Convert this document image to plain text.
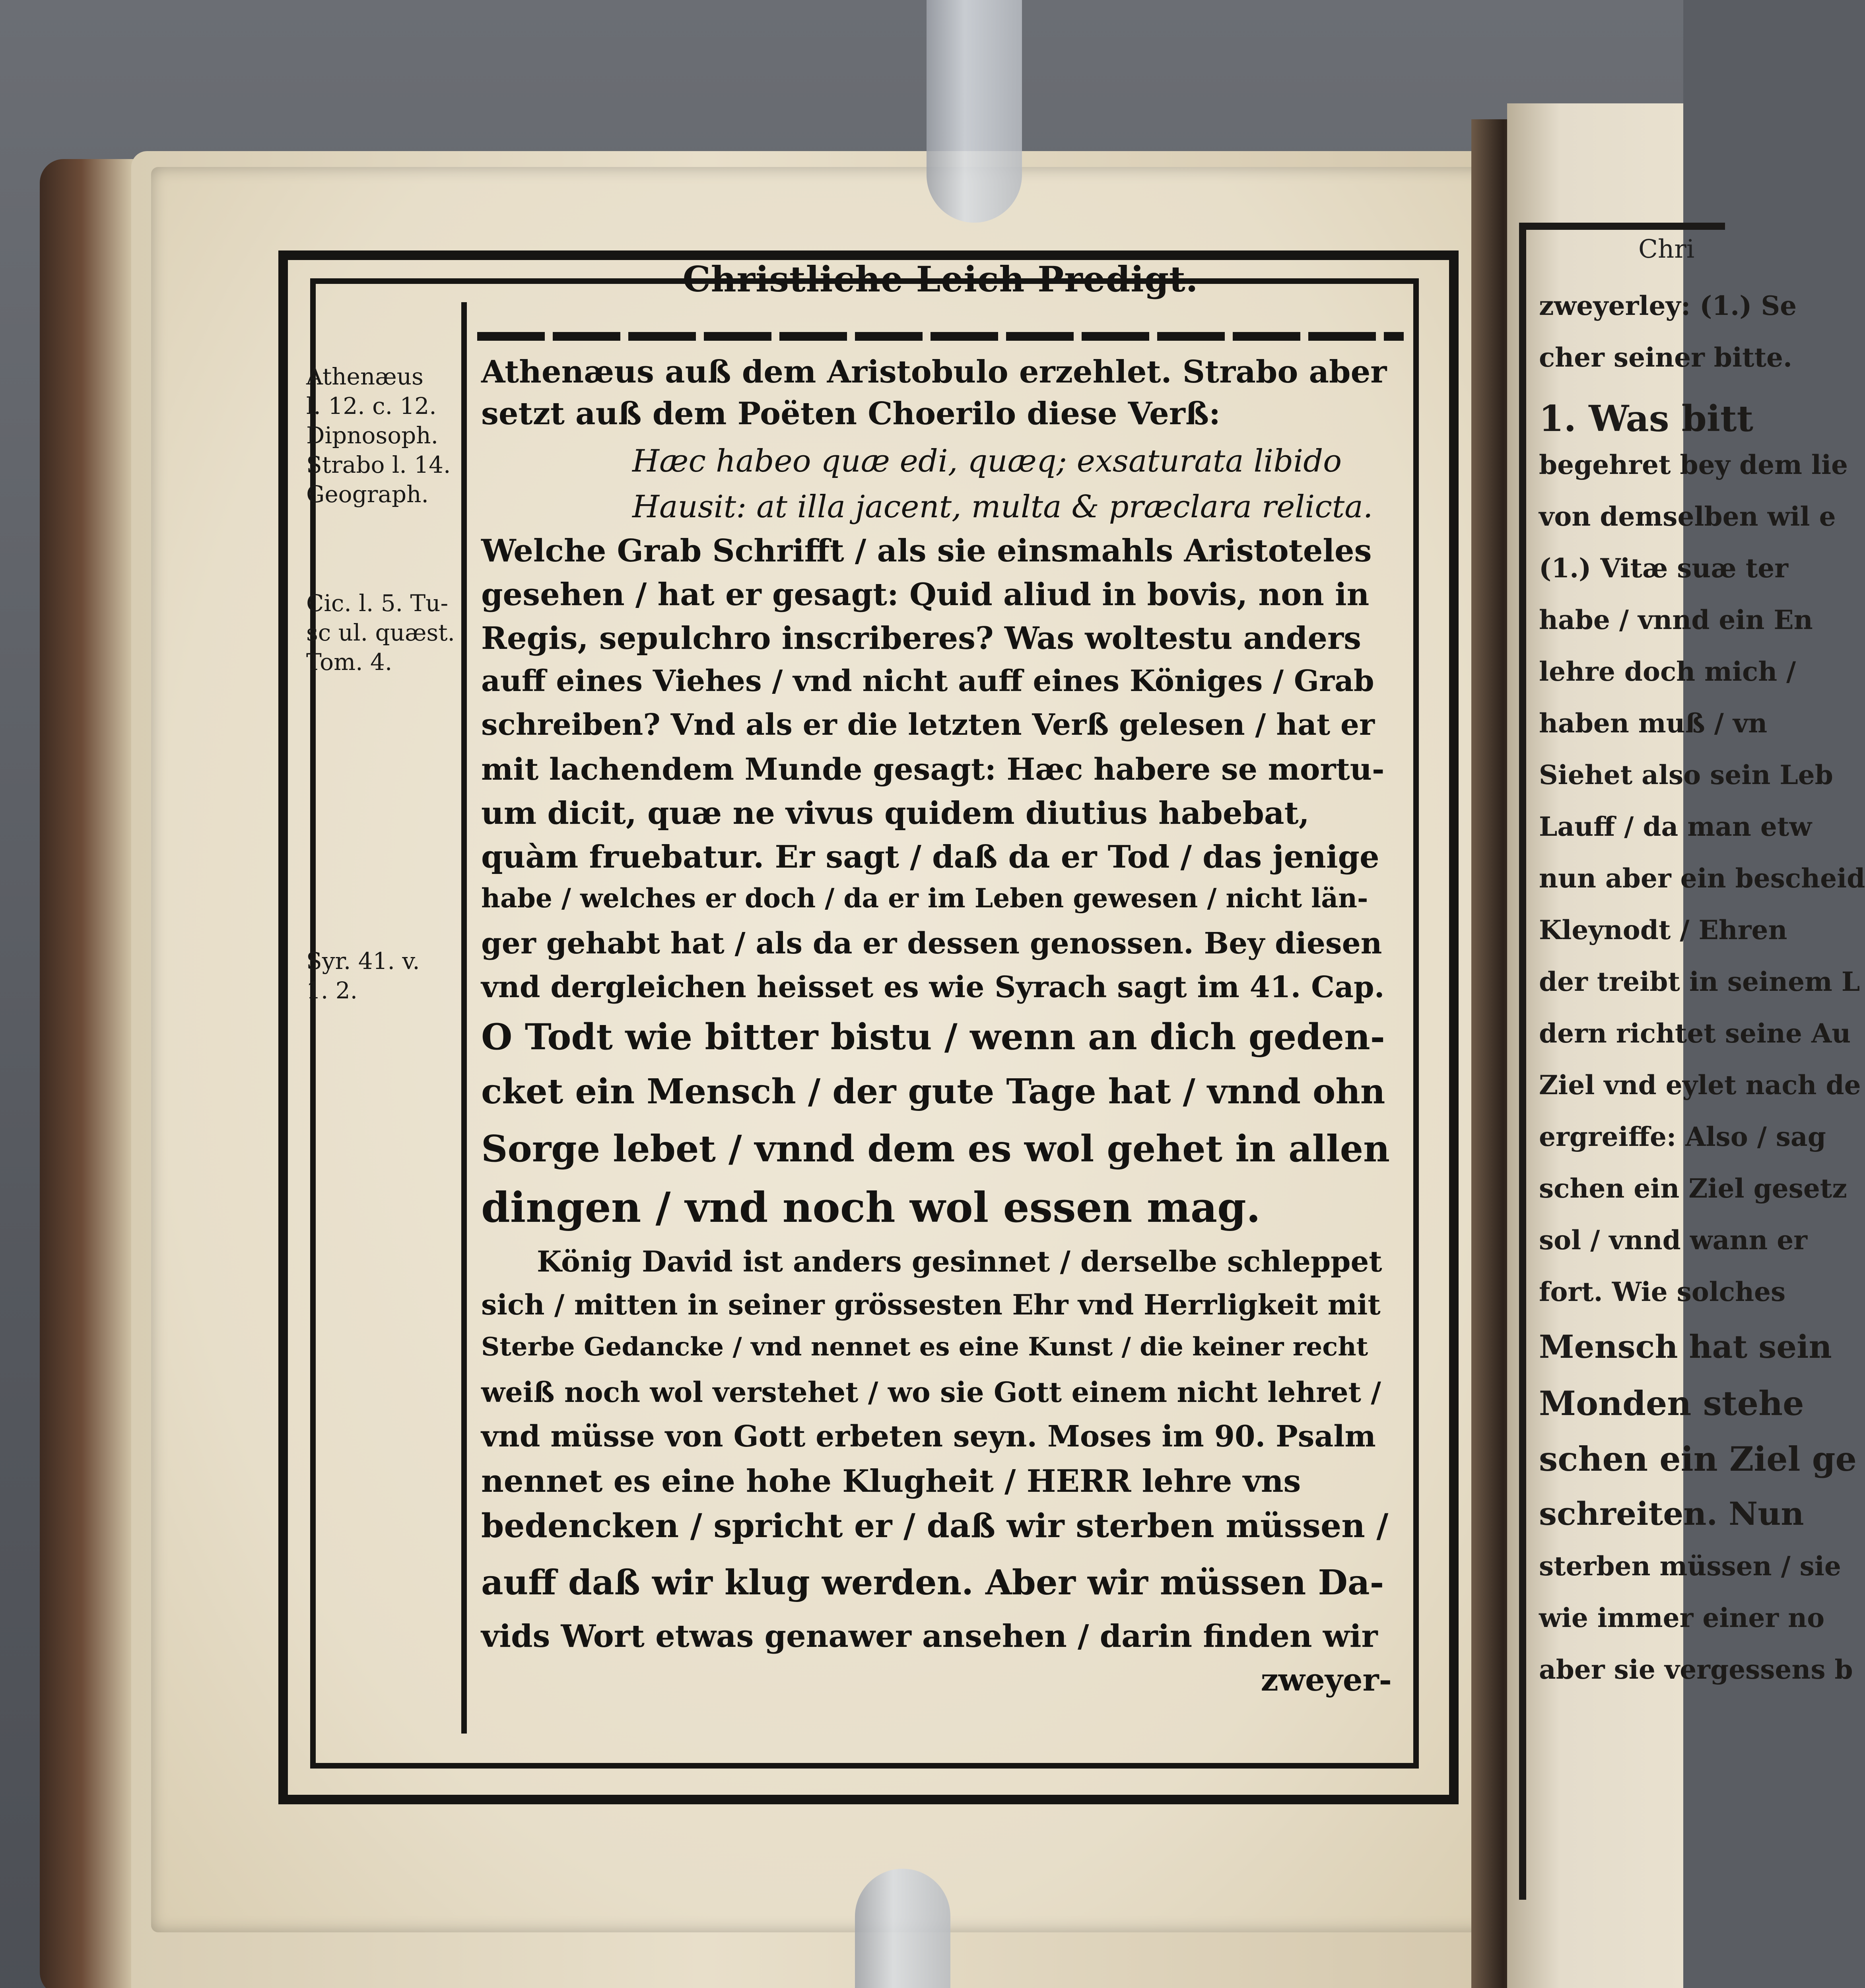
Chri
zweyerley: (1.) Se
cher seiner bitte.
1. Was bitt
begehret bey dem lie
von demselben wil e
(1.) Vitæ suæ ter
habe / vnnd ein En
lehre doch mich /
haben muß / vn
Siehet also sein Leb
Lauff / da man etw
nun aber ein bescheid
Kleynodt / Ehren
der treibt in seinem L
dern richtet seine Au
Ziel vnd eylet nach de
ergreiffe: Also / sag
schen ein Ziel gesetz
sol / vnnd wann er
fort. Wie solches
Mensch hat sein
Monden stehe
schen ein Ziel ge
schreiten. Nun
sterben müssen / sie
wie immer einer no
aber sie vergessens b
Christliche Leich Predigt.
Athenæus
l. 12. c. 12.
Dipnosoph.
Strabo l. 14.
Geograph.
Cic. l. 5. Tu-
sc ul. quæst.
Tom. 4.
Syr. 41. v.
1. 2.
Athenæus auß dem Aristobulo erzehlet. Strabo aber
setzt auß dem Poëten Choerilo diese Verß:
Hæc habeo quæ edi, quæq; exsaturata libido
Hausit: at illa jacent, multa & præclara relicta.
Welche Grab Schrifft / als sie einsmahls Aristoteles
gesehen / hat er gesagt: Quid aliud in bovis, non in
Regis, sepulchro inscriberes? Was woltestu anders
auff eines Viehes / vnd nicht auff eines Königes / Grab
schreiben? Vnd als er die letzten Verß gelesen / hat er
mit lachendem Munde gesagt: Hæc habere se mortu-
um dicit, quæ ne vivus quidem diutius habebat,
quàm fruebatur. Er sagt / daß da er Tod / das jenige
habe / welches er doch / da er im Leben gewesen / nicht län-
ger gehabt hat / als da er dessen genossen. Bey diesen
vnd dergleichen heisset es wie Syrach sagt im 41. Cap.
O Todt wie bitter bistu / wenn an dich geden-
cket ein Mensch / der gute Tage hat / vnnd ohn
Sorge lebet / vnnd dem es wol gehet in allen
dingen / vnd noch wol essen mag.
König David ist anders gesinnet / derselbe schleppet
sich / mitten in seiner grössesten Ehr vnd Herrligkeit mit
Sterbe Gedancke / vnd nennet es eine Kunst / die keiner recht
weiß noch wol verstehet / wo sie Gott einem nicht lehret /
vnd müsse von Gott erbeten seyn. Moses im 90. Psalm
nennet es eine hohe Klugheit / HERR lehre vns
bedencken / spricht er / daß wir sterben müssen /
auff daß wir klug werden. Aber wir müssen Da-
vids Wort etwas genawer ansehen / darin finden wir
zweyer-
